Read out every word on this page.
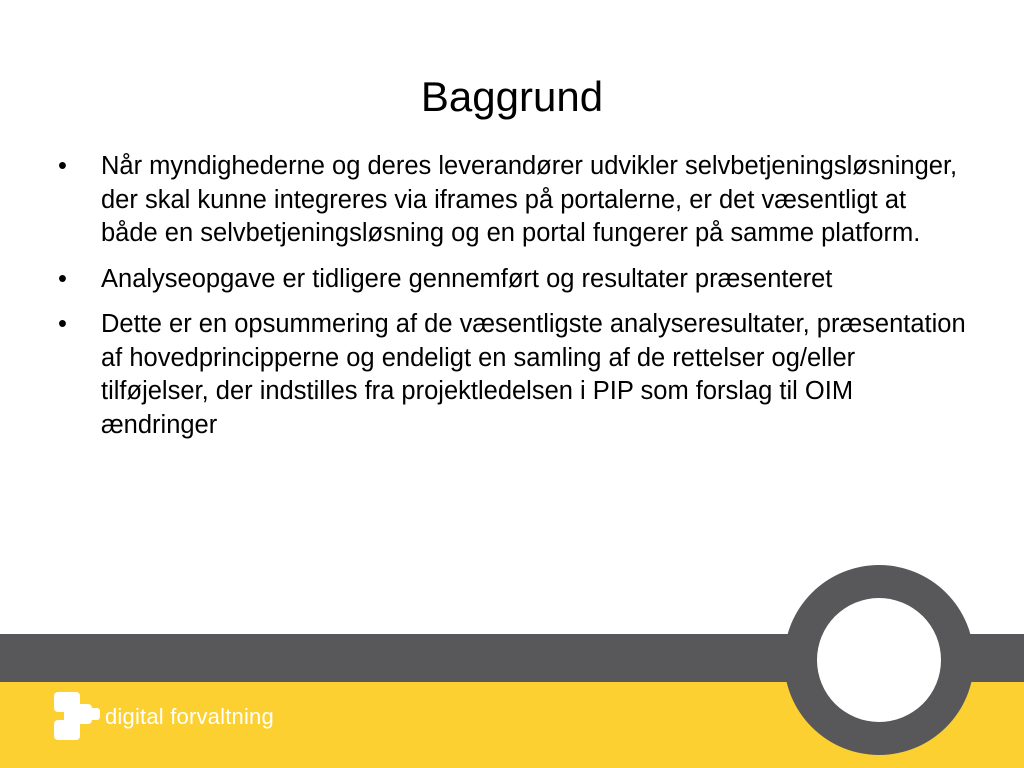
Baggrund
•	Når myndighederne og deres leverandører udvikler selvbetjeningsløsninger, der skal kunne integreres via iframes på portalerne, er det væsentligt at både en selvbetjeningsløsning og en portal fungerer på samme platform.
•	Analyseopgave er tidligere gennemført og resultater præsenteret
•	Dette er en opsummering af de væsentligste analyseresultater, præsentation af hovedprincipperne og endeligt en samling af de rettelser og/eller tilføjelser, der indstilles fra projektledelsen i PIP som forslag til OIM ændringer
digital forvaltning
